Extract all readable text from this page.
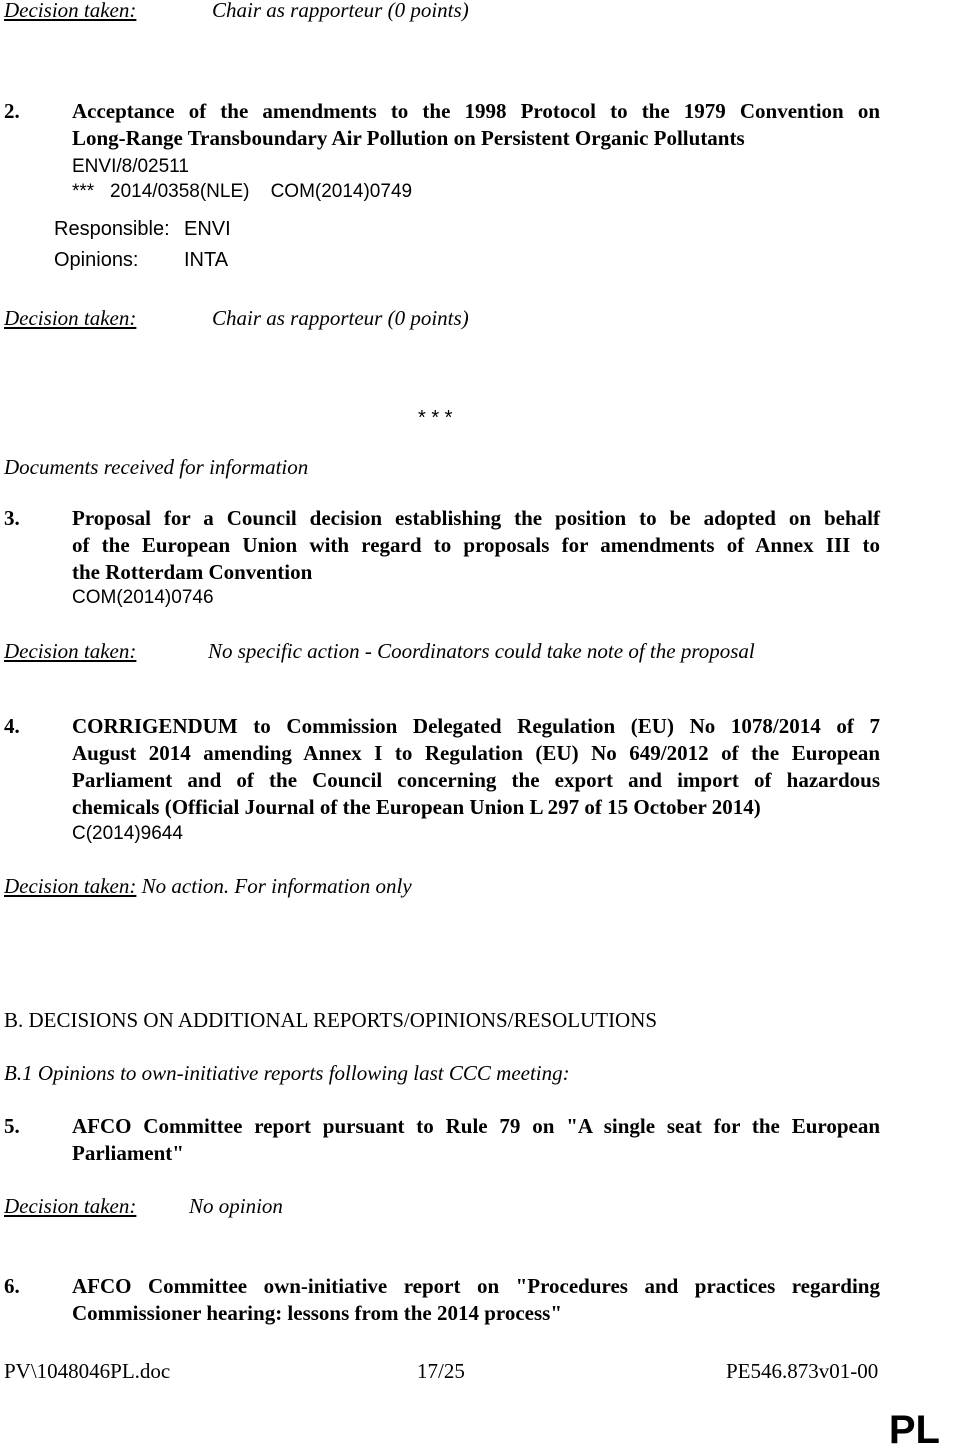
Decision taken:	Chair as rapporteur (0 points)
2. Acceptance of the amendments to the 1998 Protocol to the 1979 Convention on
Long-Range Transboundary Air Pollution on Persistent Organic Pollutants
ENVI/8/02511
***   2014/0358(NLE)    COM(2014)0749
Responsible: ENVI
Opinions: INTA
Decision taken:	Chair as rapporteur (0 points)
* * *
Documents received for information
3. Proposal for a Council decision establishing the position to be adopted on behalf
of the European Union with regard to proposals for amendments of Annex III to
the Rotterdam Convention
COM(2014)0746
Decision taken:	No specific action - Coordinators could take note of the proposal
4. CORRIGENDUM to Commission Delegated Regulation (EU) No 1078/2014 of 7
August 2014 amending Annex I to Regulation (EU) No 649/2012 of the European
Parliament and of the Council concerning the export and import of hazardous
chemicals (Official Journal of the European Union L 297 of 15 October 2014)
C(2014)9644
Decision taken: No action. For information only
B. DECISIONS ON ADDITIONAL REPORTS/OPINIONS/RESOLUTIONS
B.1 Opinions to own-initiative reports following last CCC meeting:
5. AFCO Committee report pursuant to Rule 79 on "A single seat for the European
Parliament"
Decision taken:	No opinion
6. AFCO Committee own-initiative report on "Procedures and practices regarding
Commissioner hearing: lessons from the 2014 process"
PV\1048046PL.doc	17/25	PE546.873v01-00
PL
